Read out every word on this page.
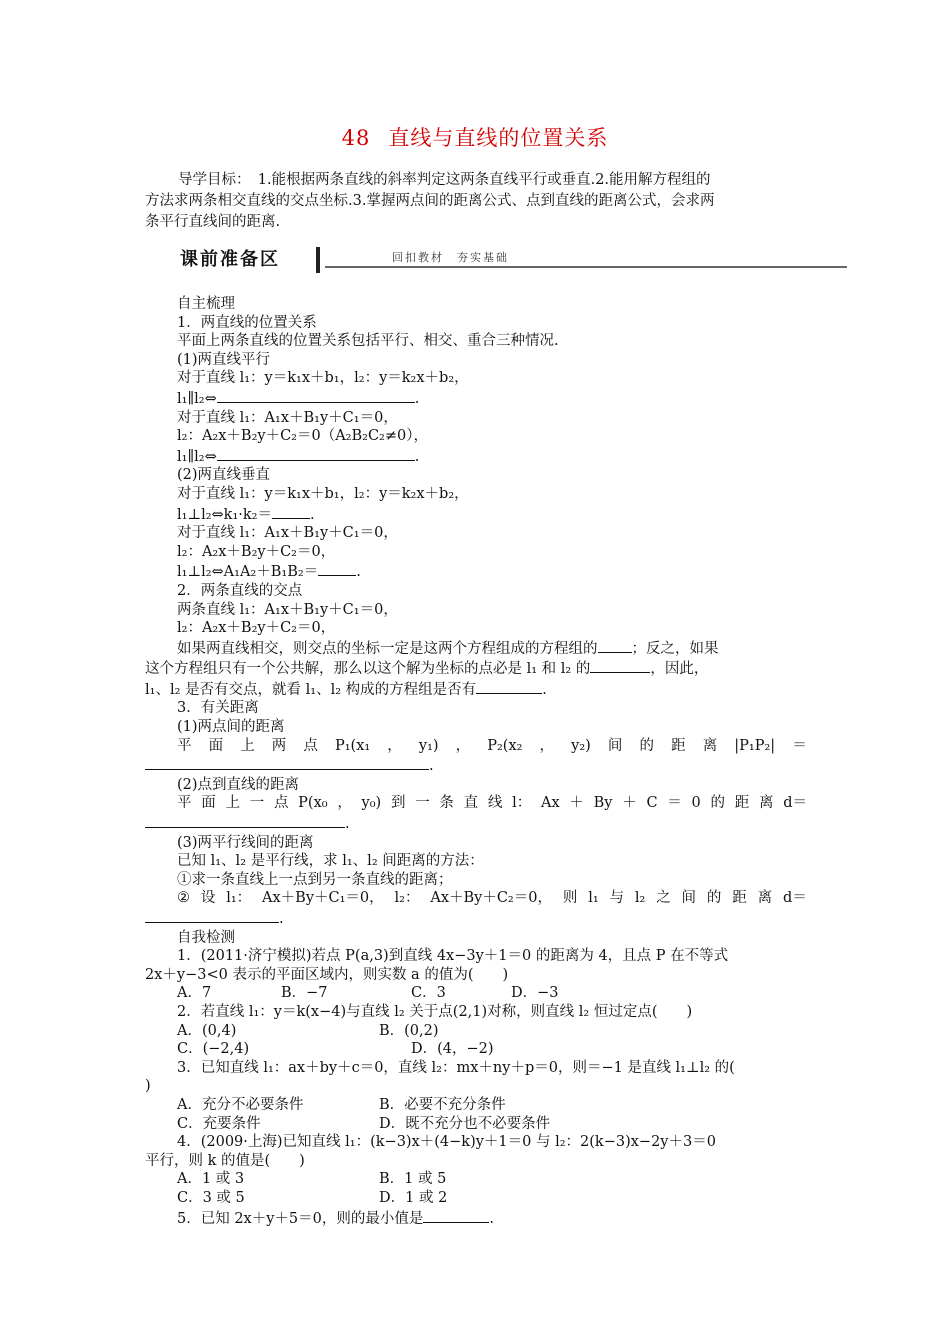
48 直线与直线的位置关系
导学目标：　 1.能根据两条直线的斜率判定这两条直线平行或垂直.2.能用解方程组的
方法求两条相交直线的交点坐标.3.掌握两点间的距离公式、点到直线的距离公式，会求两
条平行直线间的距离.
课前准备区	回扣教材　夯实基础
自主梳理
1．两直线的位置关系
平面上两条直线的位置关系包括平行、相交、重合三种情况.
(1)两直线平行
对于直线 l₁：y＝k₁x＋b₁，l₂：y＝k₂x＋b₂，
l₁∥l₂⇔	.
对于直线 l₁：A₁x＋B₁y＋C₁＝0，
l₂：A₂x＋B₂y＋C₂＝0（A₂B₂C₂≠0），
l₁∥l₂⇔	.
(2)两直线垂直
对于直线 l₁：y＝k₁x＋b₁，l₂：y＝k₂x＋b₂，
l₁⊥l₂⇔k₁·k₂＝	.
对于直线 l₁：A₁x＋B₁y＋C₁＝0，
l₂：A₂x＋B₂y＋C₂＝0，
l₁⊥l₂⇔A₁A₂＋B₁B₂＝	.
2．两条直线的交点
两条直线 l₁：A₁x＋B₁y＋C₁＝0，
l₂：A₂x＋B₂y＋C₂＝0，
如果两直线相交，则交点的坐标一定是这两个方程组成的方程组的 ；反之，如果
这个方程组只有一个公共解，那么以这个解为坐标的点必是 l₁ 和 l₂ 的	，因此，
l₁、l₂ 是否有交点，就看 l₁、l₂ 构成的方程组是否有	.
3．有关距离
(1)两点间的距离
平 面 上 两 点 P₁(x₁ ， y₁) ， P₂(x₂ ， y₂) 间 的 距 离 |P₁P₂| ＝
.
(2)点到直线的距离
平 面 上 一 点 P(x₀ ， y₀) 到 一 条 直 线 l： Ax ＋ By ＋ C ＝ 0 的 距 离 d＝
.
(3)两平行线间的距离
已知 l₁、l₂ 是平行线，求 l₁、l₂ 间距离的方法：
①求一条直线上一点到另一条直线的距离；
② 设 l₁： Ax＋By＋C₁＝0， l₂： Ax＋By＋C₂＝0， 则 l₁ 与 l₂ 之 间 的 距 离 d＝
.
自我检测
1．(2011·济宁模拟)若点 P(a,3)到直线 4x−3y＋1＝0 的距离为 4，且点 P 在不等式
2x＋y−3<0 表示的平面区域内，则实数 a 的值为(　　)
A．7	B．−7	C．3	D．−3
2．若直线 l₁：y＝k(x−4)与直线 l₂ 关于点(2,1)对称，则直线 l₂ 恒过定点(　　)
A．(0,4)	B．(0,2)
C．(−2,4)	D．(4，−2)
3．已知直线 l₁：ax＋by＋c＝0，直线 l₂：mx＋ny＋p＝0，则＝−1 是直线 l₁⊥l₂ 的(
)
A．充分不必要条件	B．必要不充分条件
C．充要条件	D．既不充分也不必要条件
4．(2009·上海)已知直线 l₁：(k−3)x＋(4−k)y＋1＝0 与 l₂：2(k−3)x−2y＋3＝0
平行，则 k 的值是(　　)
A．1 或 3	B．1 或 5
C．3 或 5	D．1 或 2
5．已知 2x＋y＋5＝0，则的最小值是	.
